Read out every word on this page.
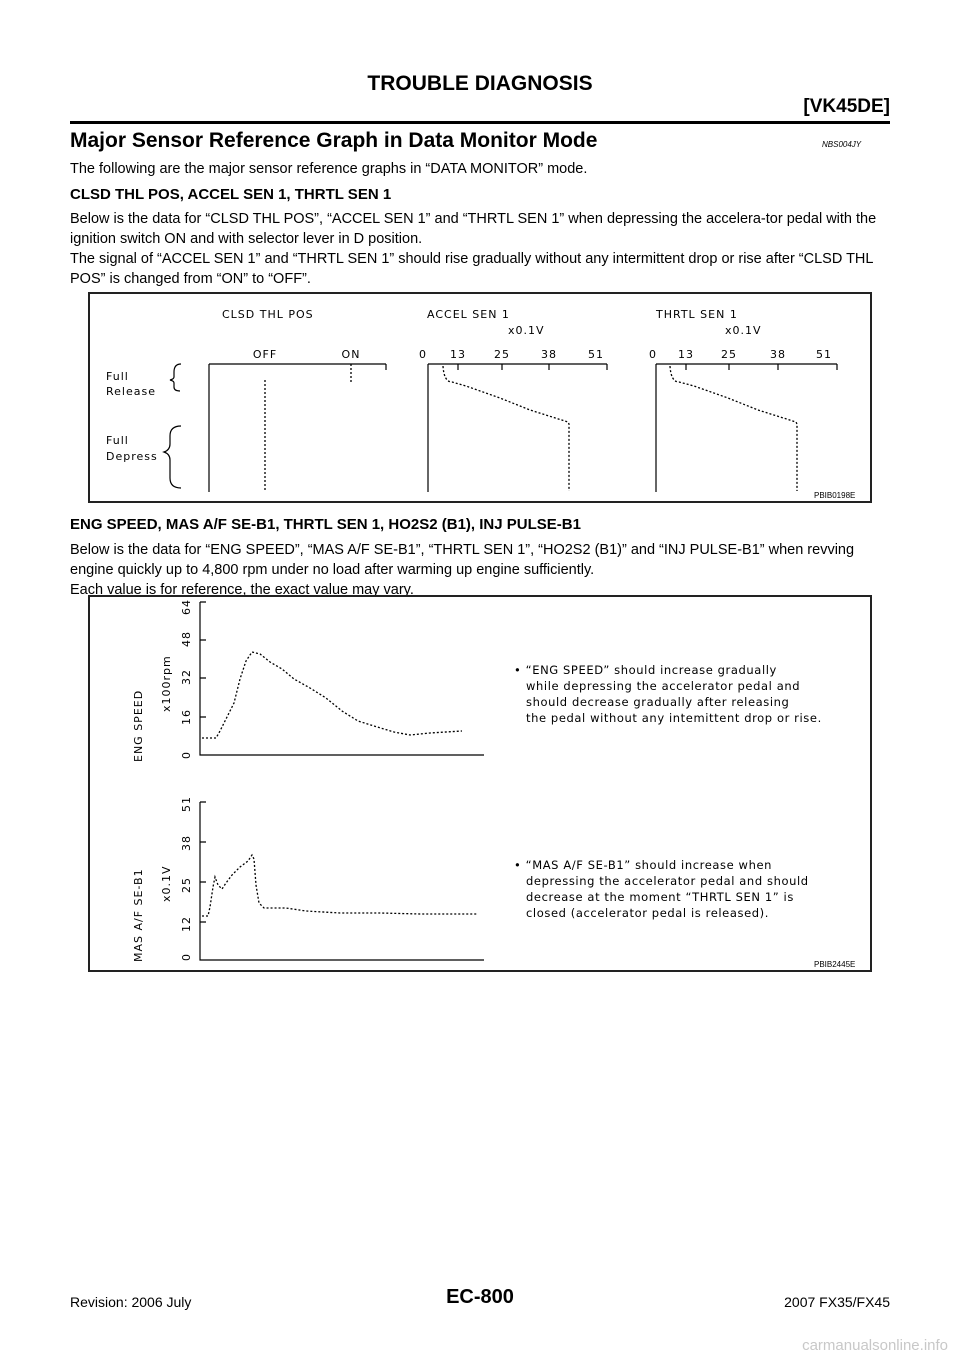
TROUBLE DIAGNOSIS
[VK45DE]
Major Sensor Reference Graph in Data Monitor Mode	NBS004JY
The following are the major sensor reference graphs in “DATA MONITOR” mode.
CLSD THL POS, ACCEL SEN 1, THRTL SEN 1
Below is the data for “CLSD THL POS”, “ACCEL SEN 1” and “THRTL SEN 1” when depressing the accelera-tor pedal with the ignition switch ON and with selector lever in D position.
The signal of “ACCEL SEN 1” and “THRTL SEN 1” should rise gradually without any intermittent drop or rise after “CLSD THL POS” is changed from “ON” to “OFF”.
CLSD THL POS	ACCEL SEN 1	THRTL SEN 1
x0.1V	x0.1V
OFF	ON	0 13	25	38	51	0 13 25	38	51
Full
Release
Full
Depress
PBIB0198E
ENG SPEED, MAS A/F SE-B1, THRTL SEN 1, HO2S2 (B1), INJ PULSE-B1
Below is the data for “ENG SPEED”, “MAS A/F SE-B1”, “THRTL SEN 1”, “HO2S2 (B1)” and “INJ PULSE-B1” when revving engine quickly up to 4,800 rpm under no load after warming up engine sufficiently.
Each value is for reference, the exact value may vary.
ENG SPEED
x100rpm
0
16
32
48
64
• “ENG SPEED” should increase gradually
while depressing the accelerator pedal and
should decrease gradually after releasing
the pedal without any intemittent drop or rise.
MAS A/F SE-B1 x0.1V
0
12
25
38
51
• “MAS A/F SE-B1” should increase when
depressing the accelerator pedal and should
decrease at the moment “THRTL SEN 1” is
closed (accelerator pedal is released).
PBIB2445E
EC-800
Revision: 2006 July	2007 FX35/FX45
carmanualsonline.info
